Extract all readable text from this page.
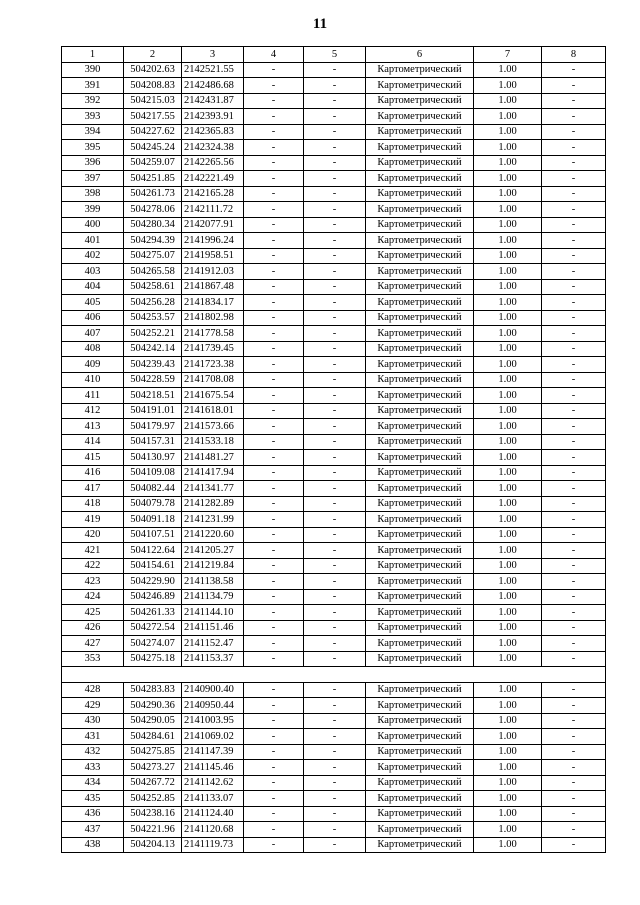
11
1	2	3	4	5	6	7	8
390	504202.63	2142521.55	-	-	Картометрический	1.00	-
391	504208.83	2142486.68	-	-	Картометрический	1.00	-
392	504215.03	2142431.87	-	-	Картометрический	1.00	-
393	504217.55	2142393.91	-	-	Картометрический	1.00	-
394	504227.62	2142365.83	-	-	Картометрический	1.00	-
395	504245.24	2142324.38	-	-	Картометрический	1.00	-
396	504259.07	2142265.56	-	-	Картометрический	1.00	-
397	504251.85	2142221.49	-	-	Картометрический	1.00	-
398	504261.73	2142165.28	-	-	Картометрический	1.00	-
399	504278.06	2142111.72	-	-	Картометрический	1.00	-
400	504280.34	2142077.91	-	-	Картометрический	1.00	-
401	504294.39	2141996.24	-	-	Картометрический	1.00	-
402	504275.07	2141958.51	-	-	Картометрический	1.00	-
403	504265.58	2141912.03	-	-	Картометрический	1.00	-
404	504258.61	2141867.48	-	-	Картометрический	1.00	-
405	504256.28	2141834.17	-	-	Картометрический	1.00	-
406	504253.57	2141802.98	-	-	Картометрический	1.00	-
407	504252.21	2141778.58	-	-	Картометрический	1.00	-
408	504242.14	2141739.45	-	-	Картометрический	1.00	-
409	504239.43	2141723.38	-	-	Картометрический	1.00	-
410	504228.59	2141708.08	-	-	Картометрический	1.00	-
411	504218.51	2141675.54	-	-	Картометрический	1.00	-
412	504191.01	2141618.01	-	-	Картометрический	1.00	-
413	504179.97	2141573.66	-	-	Картометрический	1.00	-
414	504157.31	2141533.18	-	-	Картометрический	1.00	-
415	504130.97	2141481.27	-	-	Картометрический	1.00	-
416	504109.08	2141417.94	-	-	Картометрический	1.00	-
417	504082.44	2141341.77	-	-	Картометрический	1.00	-
418	504079.78	2141282.89	-	-	Картометрический	1.00	-
419	504091.18	2141231.99	-	-	Картометрический	1.00	-
420	504107.51	2141220.60	-	-	Картометрический	1.00	-
421	504122.64	2141205.27	-	-	Картометрический	1.00	-
422	504154.61	2141219.84	-	-	Картометрический	1.00	-
423	504229.90	2141138.58	-	-	Картометрический	1.00	-
424	504246.89	2141134.79	-	-	Картометрический	1.00	-
425	504261.33	2141144.10	-	-	Картометрический	1.00	-
426	504272.54	2141151.46	-	-	Картометрический	1.00	-
427	504274.07	2141152.47	-	-	Картометрический	1.00	-
353	504275.18	2141153.37	-	-	Картометрический	1.00	-

428	504283.83	2140900.40	-	-	Картометрический	1.00	-
429	504290.36	2140950.44	-	-	Картометрический	1.00	-
430	504290.05	2141003.95	-	-	Картометрический	1.00	-
431	504284.61	2141069.02	-	-	Картометрический	1.00	-
432	504275.85	2141147.39	-	-	Картометрический	1.00	-
433	504273.27	2141145.46	-	-	Картометрический	1.00	-
434	504267.72	2141142.62	-	-	Картометрический	1.00	-
435	504252.85	2141133.07	-	-	Картометрический	1.00	-
436	504238.16	2141124.40	-	-	Картометрический	1.00	-
437	504221.96	2141120.68	-	-	Картометрический	1.00	-
438	504204.13	2141119.73	-	-	Картометрический	1.00	-
